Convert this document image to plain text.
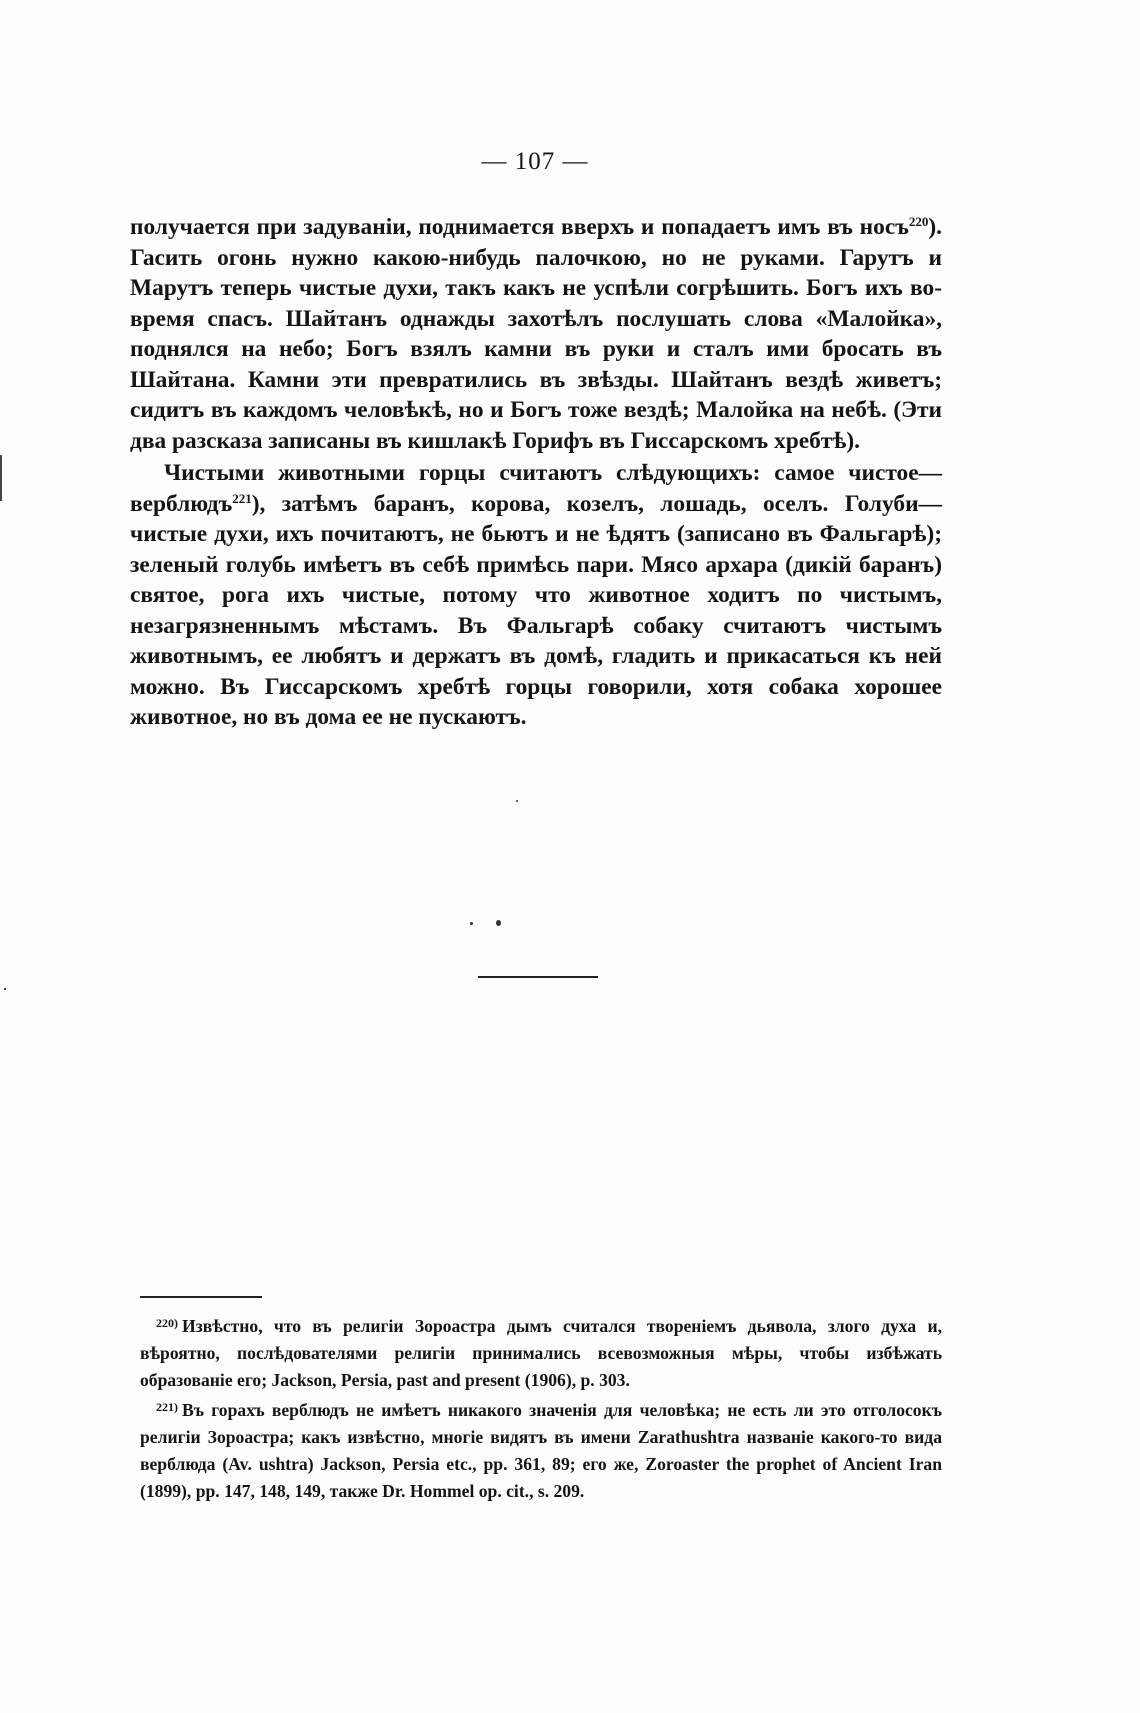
— 107 —

получается при задуванiи, поднимается вверхъ и попадаетъ имъ въ носъ$^{220}$). Гасить огонь нужно какою-нибудь палочкою, но не руками. Гарутъ и Марутъ теперь чистые духи, такъ какъ не успѣли согрѣшить. Богъ ихъ во-время спасъ. Шайтанъ однажды захотѣлъ послушать слова «Малойка», поднялся на небо; Богъ взялъ камни въ руки и сталъ ими бросать въ Шайтана. Камни эти превратились въ звѣзды. Шайтанъ вездѣ живетъ; сидитъ въ каждомъ человѣкѣ, но и Богъ тоже вездѣ; Малойка на небѣ. (Эти два разсказа записаны въ кишлакѣ Горифъ въ Гиссарскомъ хребтѣ).

Чистыми животными горцы считаютъ слѣдующихъ: самое чистое— верблюдъ$^{221}$), затѣмъ баранъ, корова, козелъ, лошадь, оселъ. Голуби— чистые духи, ихъ почитаютъ, не бьютъ и не ѣдятъ (записано въ Фальгарѣ); зеленый голубь имѣетъ въ себѣ примѣсь пари. Мясо архара (дикiй баранъ) святое, рога ихъ чистые, потому что животное ходитъ по чистымъ, незагрязненнымъ мѣстамъ. Въ Фальгарѣ собаку считаютъ чистымъ животнымъ, ее любятъ и держатъ въ домѣ, гладить и прикасаться къ ней можно. Въ Гиссарскомъ хребтѣ горцы говорили, хотя собака хорошее животное, но въ дома ее не пускаютъ.

$^{220)}$ Извѣстно, что въ религiи Зороастра дымъ считался творенiемъ дьявола, злого духа и, вѣроятно, послѣдователями религiи принимались всевозможныя мѣры, чтобы избѣжать образованiе его; Jackson, Persia, past and present (1906), p. 303.

$^{221)}$ Въ горахъ верблюдъ не имѣетъ никакого значенiя для человѣка; не есть ли это отголосокъ религiи Зороастра; какъ извѣстно, многiе видятъ въ имени Zarathushtra названiе какого-то вида верблюда (Av. ushtra) Jackson, Persia etc., pp. 361, 89; его же, Zoroaster the prophet of Ancient Iran (1899), pp. 147, 148, 149, также Dr. Hommel op. cit., s. 209.
